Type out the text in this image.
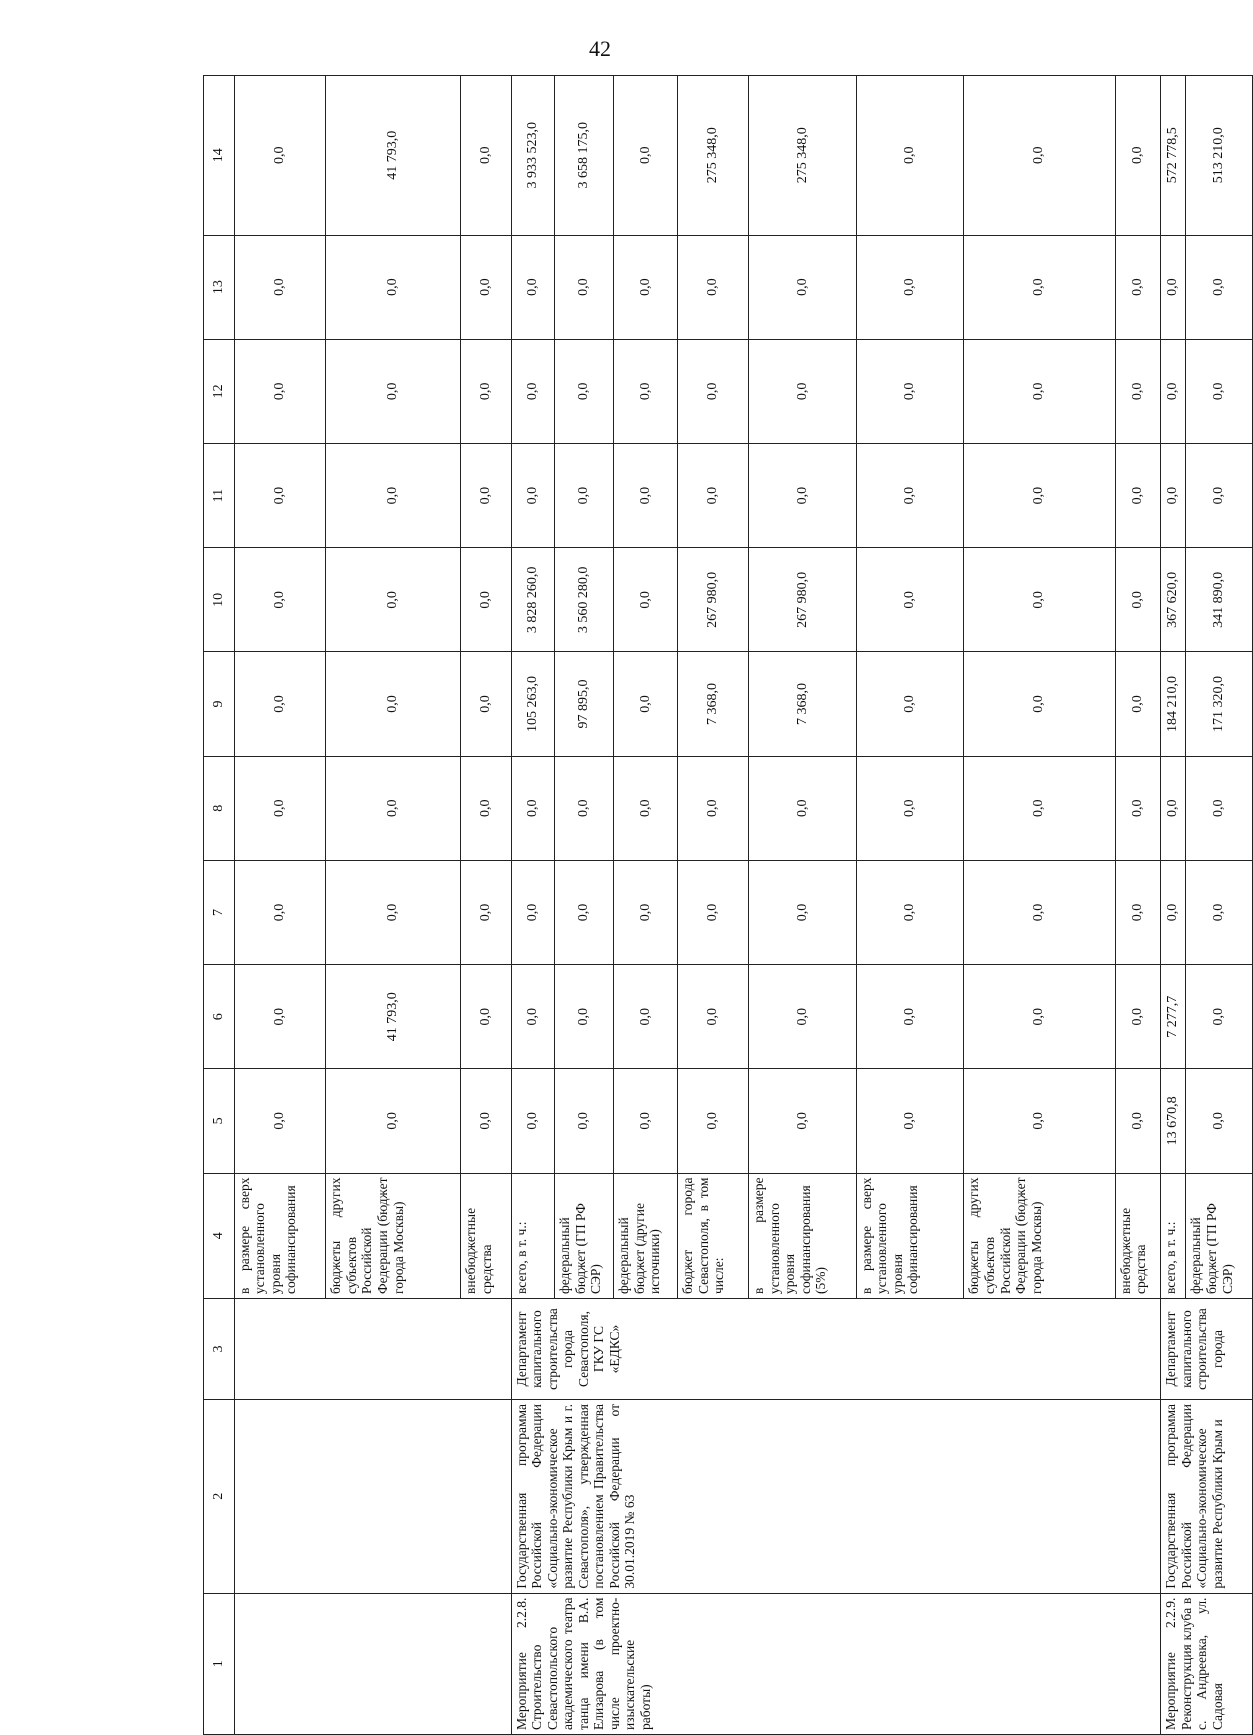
42
1	2	3	4	5	6	7	8	9	10	11	12	13	14
			в размере сверх установленного уровня софинансирования	0,0	0,0	0,0	0,0	0,0	0,0	0,0	0,0	0,0	0,0
			бюджеты других субъектов Российской Федерации (бюджет города Москвы)	0,0	41 793,0	0,0	0,0	0,0	0,0	0,0	0,0	0,0	41 793,0
			внебюджетные средства	0,0	0,0	0,0	0,0	0,0	0,0	0,0	0,0	0,0	0,0
Мероприятие 2.2.8. Строительство Севастопольского академического театра танца имени В.А. Елизарова (в том числе проектно-изыскательские работы)	Государственная программа Российской Федерации «Социально-экономическое развитие Республики Крым и г. Севастополя», утвержденная постановлением Правительства Российской Федерации от 30.01.2019 № 63	Департамент капитального строительства города Севастополя, ГКУ ГС «ЕДКС»	всего, в т. ч.:	0,0	0,0	0,0	0,0	105 263,0	3 828 260,0	0,0	0,0	0,0	3 933 523,0
			федеральный бюджет (ГП РФ СЭР)	0,0	0,0	0,0	0,0	97 895,0	3 560 280,0	0,0	0,0	0,0	3 658 175,0
			федеральный бюджет (другие источники)	0,0	0,0	0,0	0,0	0,0	0,0	0,0	0,0	0,0	0,0
			бюджет города Севастополя, в том числе:	0,0	0,0	0,0	0,0	7 368,0	267 980,0	0,0	0,0	0,0	275 348,0
			в размере установленного уровня софинансирования (5%)	0,0	0,0	0,0	0,0	7 368,0	267 980,0	0,0	0,0	0,0	275 348,0
			в размере сверх установленного уровня софинансирования	0,0	0,0	0,0	0,0	0,0	0,0	0,0	0,0	0,0	0,0
			бюджеты других субъектов Российской Федерации (бюджет города Москвы)	0,0	0,0	0,0	0,0	0,0	0,0	0,0	0,0	0,0	0,0
			внебюджетные средства	0,0	0,0	0,0	0,0	0,0	0,0	0,0	0,0	0,0	0,0
Мероприятие 2.2.9. Реконструкция клуба в с. Андреевка, ул. Садовая	Государственная программа Российской Федерации «Социально-экономическое развитие Республики Крым и	Департамент капитального строительства города	всего, в т. ч.:	13 670,8	7 277,7	0,0	0,0	184 210,0	367 620,0	0,0	0,0	0,0	572 778,5
			федеральный бюджет (ГП РФ СЭР)	0,0	0,0	0,0	0,0	171 320,0	341 890,0	0,0	0,0	0,0	513 210,0
